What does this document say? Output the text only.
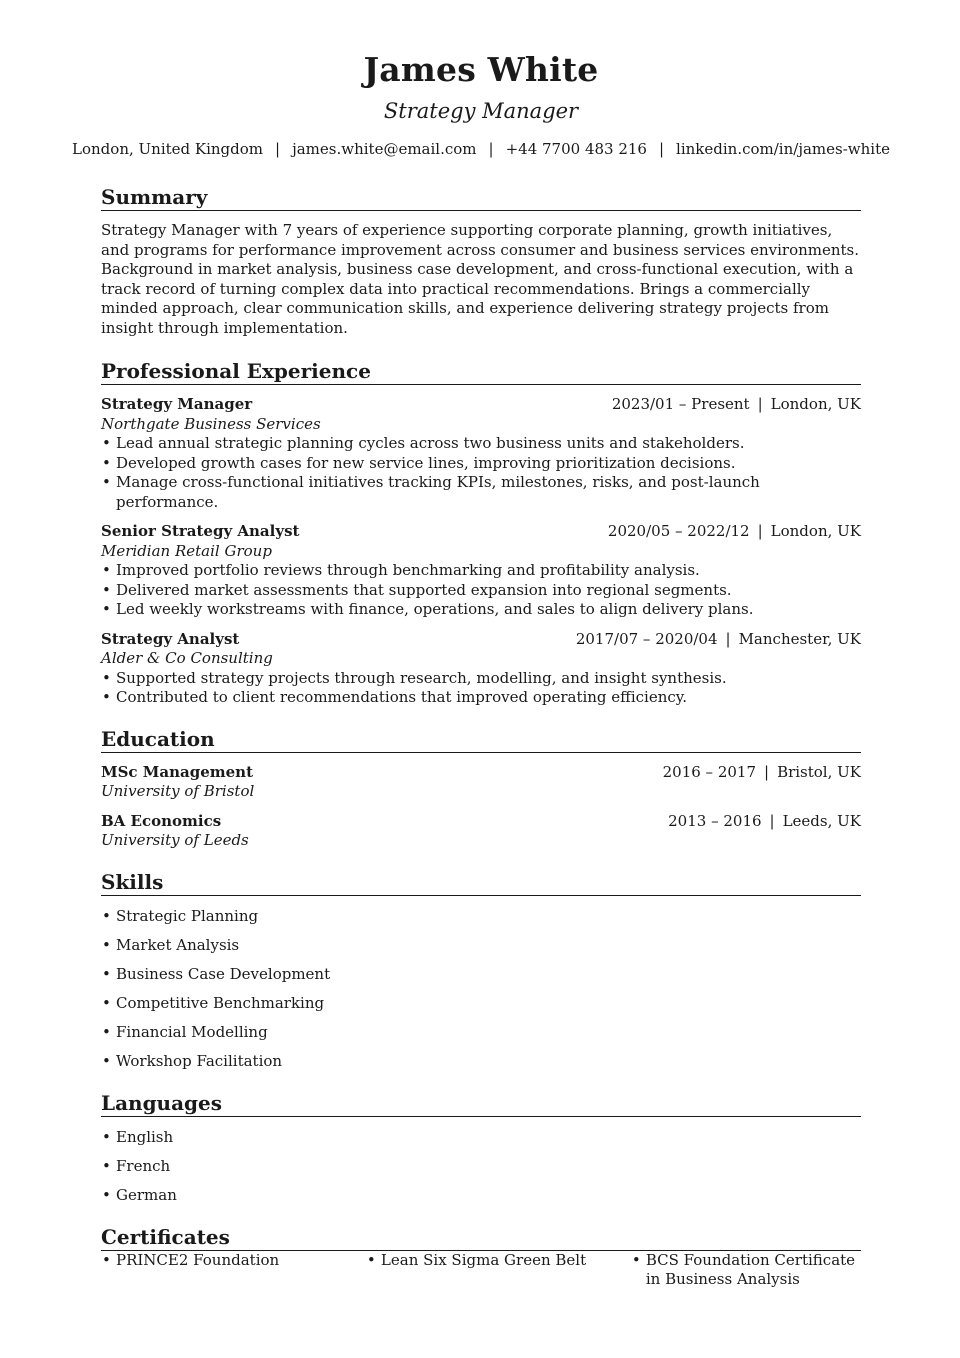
James White

Strategy Manager

London, United Kingdom | james.white@email.com | +44 7700 483 216 | linkedin.com/in/james-white
Summary
Strategy Manager with 7 years of experience supporting corporate planning, growth initiatives, and programs for performance improvement across consumer and business services environments. Background in market analysis, business case development, and cross-functional execution, with a track record of turning complex data into practical recommendations. Brings a commercially minded approach, clear communication skills, and experience delivering strategy projects from insight through implementation.
Professional Experience
Strategy Manager	2023/01 – Present | London, UK
Northgate Business Services
• Lead annual strategic planning cycles across two business units and stakeholders.
• Developed growth cases for new service lines, improving prioritization decisions.
• Manage cross-functional initiatives tracking KPIs, milestones, risks, and post-launch performance.
Senior Strategy Analyst	2020/05 – 2022/12 | London, UK
Meridian Retail Group
• Improved portfolio reviews through benchmarking and profitability analysis.
• Delivered market assessments that supported expansion into regional segments.
• Led weekly workstreams with finance, operations, and sales to align delivery plans.
Strategy Analyst	2017/07 – 2020/04 | Manchester, UK
Alder & Co Consulting
• Supported strategy projects through research, modelling, and insight synthesis.
• Contributed to client recommendations that improved operating efficiency.
Education
MSc Management	2016 – 2017 | Bristol, UK
University of Bristol
BA Economics	2013 – 2016 | Leeds, UK
University of Leeds
Skills
• Strategic Planning
• Market Analysis
• Business Case Development
• Competitive Benchmarking
• Financial Modelling
• Workshop Facilitation
Languages
• English
• French
• German
Certificates
• PRINCE2 Foundation	• Lean Six Sigma Green Belt	• BCS Foundation Certificate in Business Analysis
